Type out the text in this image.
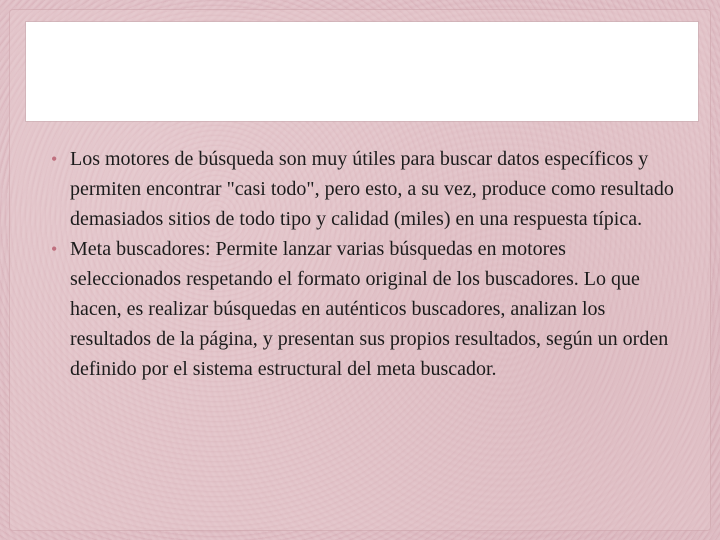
• Los motores de búsqueda son muy útiles para buscar datos específicos y permiten encontrar "casi todo", pero esto, a su vez, produce como resultado demasiados sitios de todo tipo y calidad (miles) en una respuesta típica.
• Meta buscadores: Permite lanzar varias búsquedas en motores seleccionados respetando el formato original de los buscadores. Lo que hacen, es realizar búsquedas en auténticos buscadores, analizan los resultados de la página, y presentan sus propios resultados, según un orden definido por el sistema estructural del meta buscador.
